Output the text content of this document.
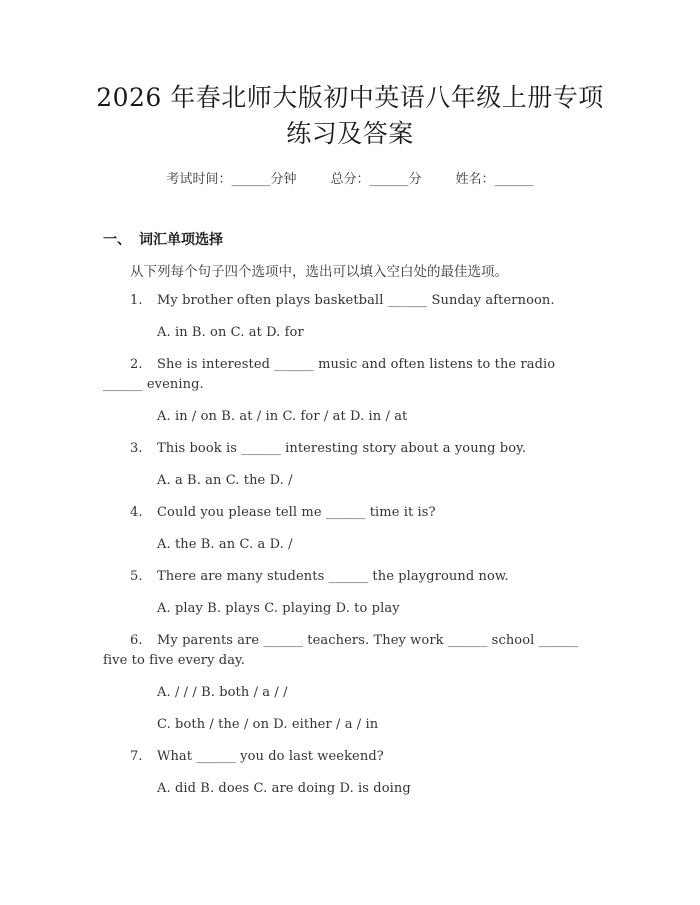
2026 年春北师大版初中英语八年级上册专项
练习及答案
考试时间：______分钟	总分：______分	姓名：______
一、 词汇单项选择
从下列每个句子四个选项中，选出可以填入空白处的最佳选项。
1. My brother often plays basketball ______ Sunday afternoon.
A. in B. on C. at D. for
2. She is interested ______ music and often listens to the radio
______ evening.
A. in / on B. at / in C. for / at D. in / at
3. This book is ______ interesting story about a young boy.
A. a B. an C. the D. /
4. Could you please tell me ______ time it is?
A. the B. an C. a D. /
5. There are many students ______ the playground now.
A. play B. plays C. playing D. to play
6. My parents are ______ teachers. They work ______ school ______
five to five every day.
A. / / / B. both / a / /
C. both / the / on D. either / a / in
7. What ______ you do last weekend?
A. did B. does C. are doing D. is doing
